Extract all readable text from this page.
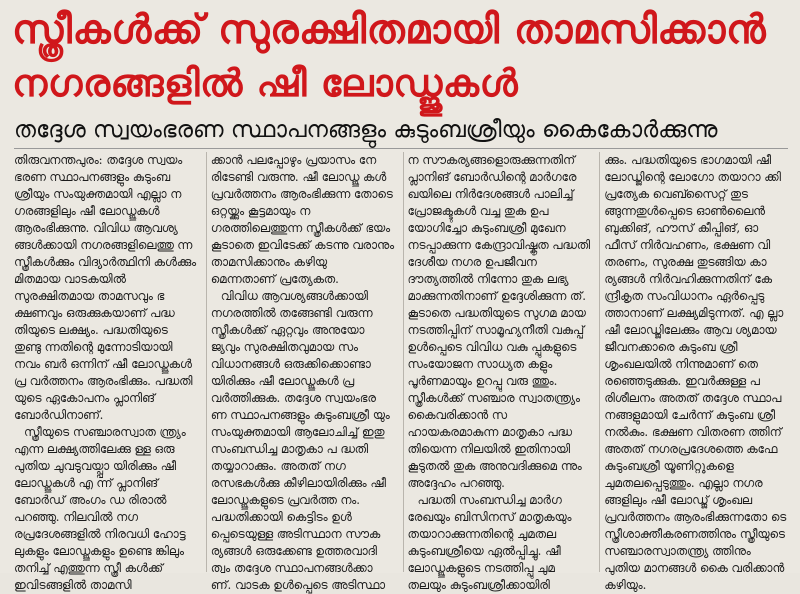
സ്ത്രീകൾക്ക് സുരക്ഷിതമായി താമസിക്കാൻ
നഗരങ്ങളിൽ ഷീ ലോഡ്ജുകൾ
തദ്ദേശ സ്വയംഭരണ സ്ഥാപനങ്ങളും കുടുംബശ്രീയും കൈകോർക്കുന്നു

തിരുവനന്തപുരം: തദ്ദേശ സ്വയം ഭരണ സ്ഥാപനങ്ങളും കുടുംബ ശ്രീയും സംയുക്തമായി എല്ലാ ന ഗരങ്ങളിലും ഷീ ലോഡ്ജുകൾ ആരംഭിക്കുന്നു. വിവിധ ആവശ്യ ങ്ങൾക്കായി നഗരങ്ങളിലെത്തു ന്ന സ്ത്രീകൾക്കും വിദ്യാർത്ഥിനി കൾക്കും മിതമായ വാടകയിൽ സുരക്ഷിതമായ താമസവും ഭ ക്ഷണവും ഒരുക്കുകയാണ് പദ്ധ തിയുടെ ലക്ഷ്യം. പദ്ധതിയുടെ തുണ്ടു ന്നതിന്റെ മുന്നോടിയായി നവം ബർ ഒന്നിന് ഷീ ലോഡ്ജുകൾ പ്ര വർത്തനം ആരംഭിക്കും. പദ്ധതി യുടെ ഏകോപനം പ്ലാനിങ് ബോർഡിനാണ്.

സ്ത്രീയുടെ സഞ്ചാരസ്വാത ന്ത്ര്യം എന്ന ലക്ഷ്യത്തിലേക്കു ള്ള ഒരു പുതിയ ചുവടുവയ്പ്പാ യിരിക്കും ഷീ ലോഡ്ജുകൾ എ ന്ന് പ്ലാനിങ് ബോർഡ് അംഗം ഡ രിരാൽ പറഞ്ഞു. നിലവിൽ നഗ രപ്രദേശങ്ങളിൽ നിരവധി ഹോട്ട ലുകളും ലോഡ്ജുകളും ഉണ്ടെ ങ്കിലും തനിച്ച് എത്തുന്ന സ്ത്രീ കൾക്ക് ഇവിടങ്ങളിൽ താമസി

ക്കാൻ പലപ്പോഴും പ്രയാസം നേ രിടേണ്ടി വരുന്നു. ഷീ ലോഡ്ജു കൾ പ്രവർത്തനം ആരംഭിക്കുന്ന തോടെ ഒറ്റയ്ക്കും കൂട്ടമായും ന ഗരത്തിലെത്തുന്ന സ്ത്രീകൾക്ക് ഭയം കൂടാതെ ഇവിടേക്ക് കടന്നു വരാനും താമസിക്കാനും കഴിയു മെന്നതാണ് പ്രത്യേകത.

വിവിധ ആവശ്യങ്ങൾക്കായി നഗരത്തിൽ തങ്ങേണ്ടി വരുന്ന സ്ത്രീകൾക്ക് ഏറ്റവും അനുയോ ജ്യവും സുരക്ഷിതവുമായ സം വിധാനങ്ങൾ ഒരുക്കിക്കൊണ്ടാ യിരിക്കും ഷീ ലോഡ്ജുകൾ പ്ര വർത്തിക്കുക. തദ്ദേശ സ്വയംഭര ണ സ്ഥാപനങ്ങളും കുടുംബശ്രീ യും സംയുക്തമായി ആലോചിച്ച് ഇതു സംബന്ധിച്ച മാതൃകാ പ ദ്ധതി തയ്യാറാക്കും. അതത് നഗ രസഭകൾക്കു കീഴിലായിരിക്കും ഷീ ലോഡ്ജുകളുടെ പ്രവർത്ത നം. പദ്ധതിക്കായി കെട്ടിടം ഉൾ പ്പെടെയുള്ള അടിസ്ഥാന സൗക ര്യങ്ങൾ ഒരുക്കേണ്ട ഉത്തരവാദി ത്വം തദ്ദേശ സ്ഥാപനങ്ങൾക്കാ ണ്. വാടക ഉൾപ്പെടെ അടിസ്ഥാ

ന സൗകര്യങ്ങളൊരുക്കുന്നതിന് പ്ലാനിങ് ബോർഡിന്റെ മാർഗരേ ഖയിലെ നിർദേശങ്ങൾ പാലിച്ച് പ്രോജക്ടുകൾ വച്ച തുക ഉപ യോഗിച്ചോ കുടുംബശ്രീ മുഖേന നടപ്പാക്കുന്ന കേന്ദ്രാവിഷ്കൃത പദ്ധതി ദേശീയ നഗര ഉപജീവന ദൗത്യത്തിൽ നിന്നോ തുക ലഭ്യ മാക്കുന്നതിനാണ് ഉദ്ദേശിക്കുന്ന ത്. കൂടാതെ പദ്ധതിയുടെ സുഗമ മായ നടത്തിപ്പിന് സാമൂഹ്യനീതി വകുപ്പ് ഉൾപ്പെടെ വിവിധ വകു പ്പുകളുടെ സംയോജന സാധ്യത കളും പൂർണമായും ഉറപ്പു വരു ത്തും. സ്ത്രീകൾക്ക് സഞ്ചാര സ്വാതന്ത്ര്യം കൈവരിക്കാൻ സ ഹായകരമാകുന്ന മാതൃകാ പദ്ധ തിയെന്ന നിലയിൽ ഇതിനായി കൂടുതൽ തുക അനുവദിക്കുമെ ന്നും അദ്ദേഹം പറഞ്ഞു.

പദ്ധതി സംബന്ധിച്ച മാർഗ രേഖയും ബിസിനസ് മാതൃകയും തയാറാക്കുന്നതിന്റെ ചുമതല കുടുംബശ്രീയെ ഏൽപ്പിച്ചു. ഷീ ലോഡ്ജുകളുടെ നടത്തിപ്പു ചുമ തലയും കുടുംബശ്രീക്കായിരി

ക്കും. പദ്ധതിയുടെ ഭാഗമായി ഷീ ലോഡ്ജിന്റെ ലോഗോ തയാറാ ക്കി പ്രത്യേക വെബ്സൈറ്റ് തുട ങ്ങുന്നതുൾപ്പെടെ ഓൺലൈൻ ബുക്കിങ്, ഹൗസ് കീപ്പിങ്, ഓ ഫീസ് നിർവഹണം, ഭക്ഷണ വി തരണം, സുരക്ഷ തുടങ്ങിയ കാ ര്യങ്ങൾ നിർവഹിക്കുന്നതിന് കേ ന്ദ്രീകൃത സംവിധാനം ഏർപ്പെടു ത്താനാണ് ലക്ഷ്യമിടുന്നത്. എ ല്ലാ ഷീ ലോഡ്ജിലേക്കും ആവ ശ്യമായ ജീവനക്കാരെ കുടുംബ ശ്രീ ശൃംഖലയിൽ നിന്നുമാണ് തെ രഞ്ഞെടുക്കുക. ഇവർക്കുള്ള പ രിശീലനം അതത് തദ്ദേശ സ്ഥാപ നങ്ങളുമായി ചേർന്ന് കുടുംബ ശ്രീ നൽകും. ഭക്ഷണ വിതരണ ത്തിന് അതത് നഗരപ്രദേശത്തെ കഫേ കുടുംബശ്രീ യൂണിറ്റുകളെ ചുമതലപ്പെടുത്തും. എല്ലാ നഗര ങ്ങളിലും ഷീ ലോഡ്ജ് ശൃംഖല പ്രവർത്തനം ആരംഭിക്കുന്നതോ ടെ സ്ത്രീശാക്തീകരണത്തിനും സ്ത്രീയുടെ സഞ്ചാരസ്വാതന്ത്ര്യ ത്തിനും പുതിയ മാനങ്ങൾ കൈ വരിക്കാൻ കഴിയും.
